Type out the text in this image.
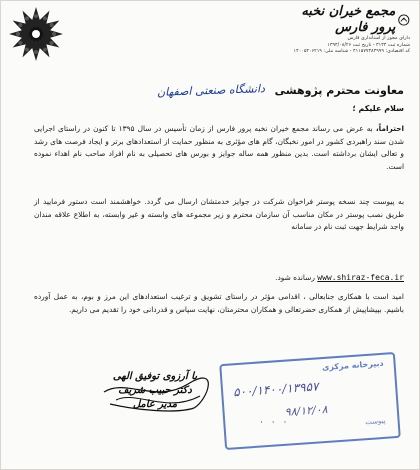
مجمع خیران نخبه پرور فارس

دارای مجوز از استانداری فارس

شماره ثبت ۳۱۳۴ - تاریخ ثبت ۱۳۹۴/۰۸/۲۶

کد اقتصادی: ۴۱۱۵۷۷۳۸۳۹۹۹ - شناسه ملی: ۱۴۰۰۵۴۰۶۲۱۹

معاونت محترم پژوهشی
دانشگاه صنعتی اصفهان
سلام علیکم ؛

احتراماً، به عرض می رساند مجمع خیران نخبه پرور فارس از زمان تأسیس در سال ۱۳۹۵ تا کنون در راستای اجرایی شدن سند راهبردی کشور در امور نخبگان، گام های مؤثری به منظور حمایت از استعدادهای برتر و ایجاد فرصت های رشد و تعالی ایشان برداشته است. بدین منظور همه ساله جوایز و بورس های تحصیلی به نام افراد صاحب نام اهداء نموده است.

به پیوست چند نسخه پوستر فراخوان شرکت در جوایز خدمتشان ارسال می گردد. خواهشمند است دستور فرمایید از طریق نصب پوستر در مکان مناسب آن سازمان محترم و زیر مجموعه های وابسته و غیر وابسته، به اطلاع علاقه مندان واجد شرایط جهت ثبت نام در سامانه

www.shiraz-feca.ir رسانده شود.

امید است با همکاری جنابعالی ، اقدامی مؤثر در راستای تشویق و ترغیب استعدادهای این مرز و بوم، به عمل آورده باشیم. بپیشاپیش از همکاری حضرتعالی و همکاران محترمتان، نهایت سپاس و قدردانی خود را تقدیم می داریم.

با آرزوی توفیق الهی

دکتر حبیب شریف

مدیر عامل

دبیرخانه مرکزی
۵۰۰/۱۴۰۰/۱۳۹۵۷
۹۸/۱۲/۰۸
پیوست
· · ·
